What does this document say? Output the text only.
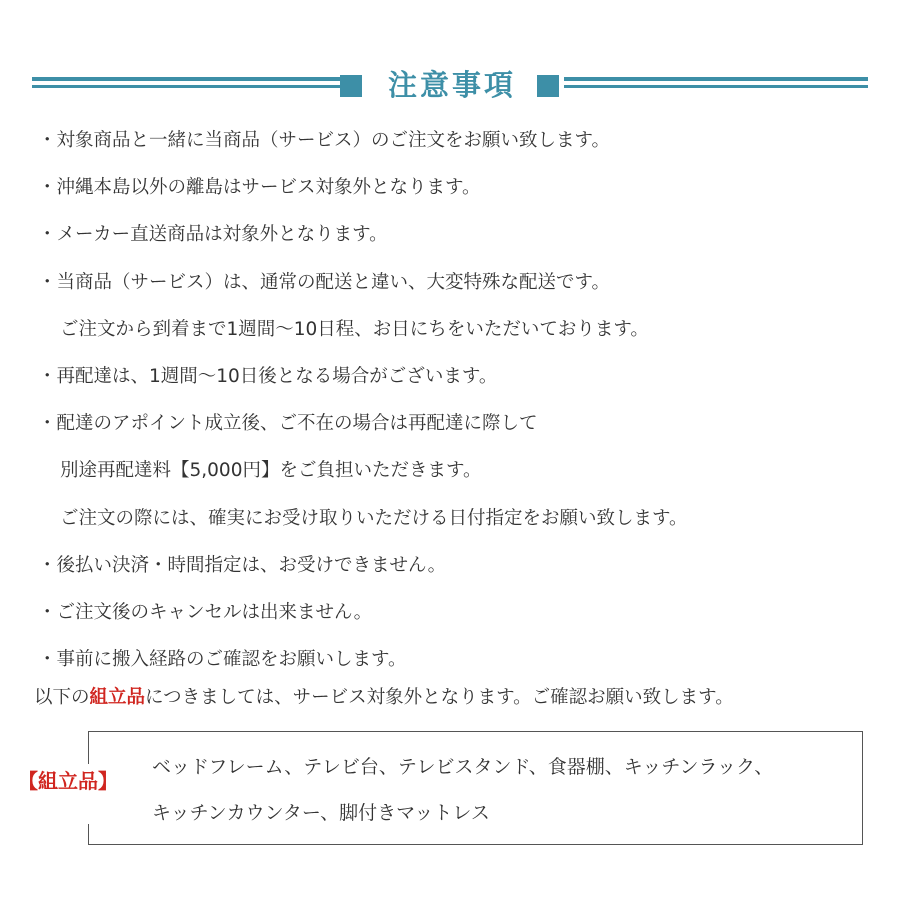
注意事項
・対象商品と一緒に当商品（サービス）のご注文をお願い致します。
・沖縄本島以外の離島はサービス対象外となります。
・メーカー直送商品は対象外となります。
・当商品（サービス）は、通常の配送と違い、大変特殊な配送です。
ご注文から到着まで1週間～10日程、お日にちをいただいております。
・再配達は、1週間～10日後となる場合がございます。
・配達のアポイント成立後、ご不在の場合は再配達に際して
別途再配達料【5,000円】をご負担いただきます。
ご注文の際には、確実にお受け取りいただける日付指定をお願い致します。
・後払い決済・時間指定は、お受けできません。
・ご注文後のキャンセルは出来ません。
・事前に搬入経路のご確認をお願いします。
以下の組立品につきましては、サービス対象外となります。ご確認お願い致します。
【組立品】
ベッドフレーム、テレビ台、テレビスタンド、食器棚、キッチンラック、
キッチンカウンター、脚付きマットレス
